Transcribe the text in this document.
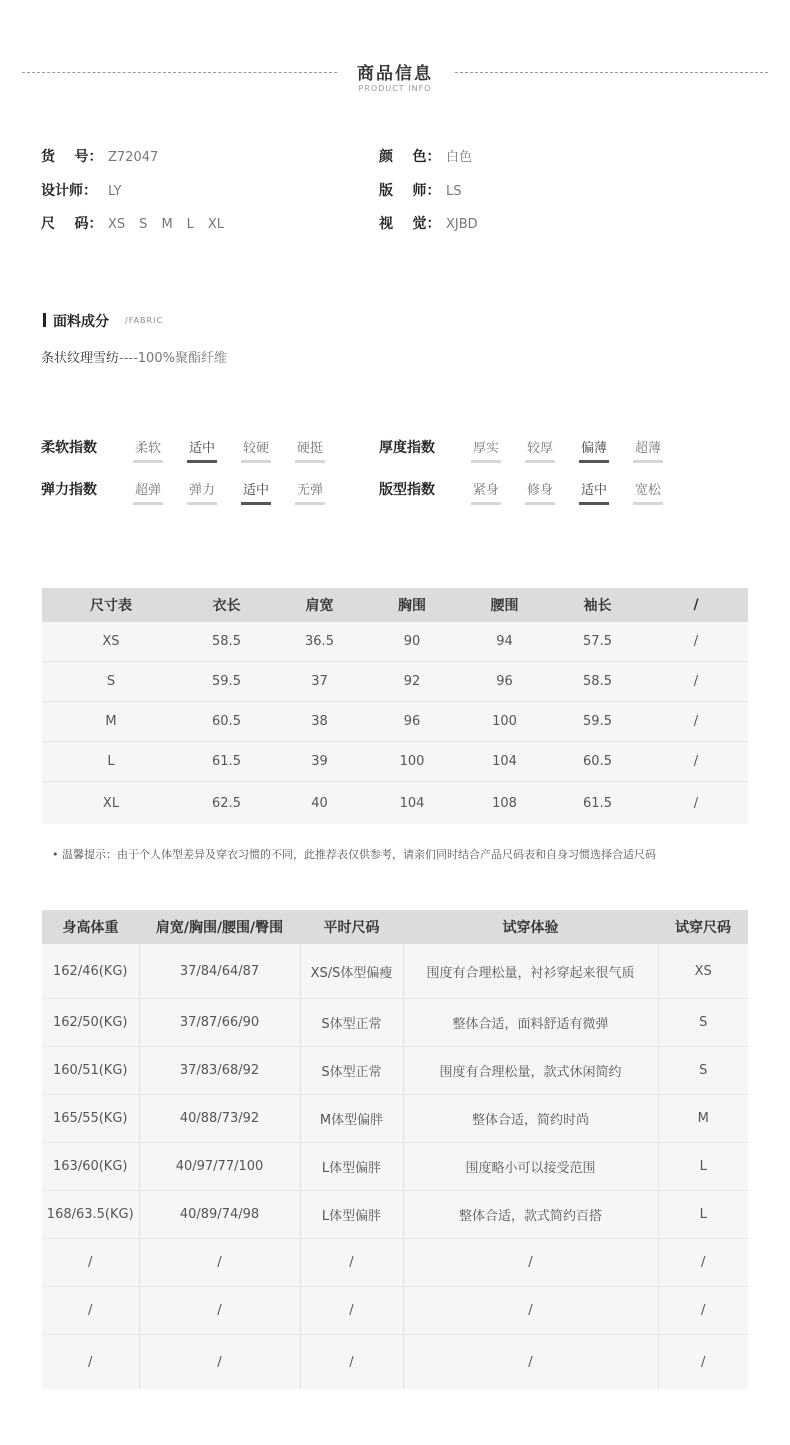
商品信息
PRODUCT INFO
货    号： Z72047	颜    色： 白色
设计师： LY	版    师： LS
尺    码： XS S M L XL	视    觉： XJBD
面料成分 /FABRIC
条状纹理雪纺----100%聚酯纤维
柔软指数	柔软	适中	较硬	硬挺	厚度指数	厚实	较厚	偏薄	超薄
弹力指数	超弹	弹力	适中	无弹	版型指数	紧身	修身	适中	宽松
尺寸表	衣长	肩宽	胸围	腰围	袖长	/
XS	58.5	36.5	90	94	57.5	/
S	59.5	37	92	96	58.5	/
M	60.5	38	96	100	59.5	/
L	61.5	39	100	104	60.5	/
XL	62.5	40	104	108	61.5	/
• 温馨提示：由于个人体型差异及穿衣习惯的不同，此推荐表仅供参考，请亲们同时结合产品尺码表和自身习惯选择合适尺码
身高体重	肩宽/胸围/腰围/臀围	平时尺码	试穿体验	试穿尺码
162/46(KG)	37/84/64/87	XS/S体型偏瘦	围度有合理松量，衬衫穿起来很气质	XS
162/50(KG)	37/87/66/90	S体型正常	整体合适，面料舒适有微弹	S
160/51(KG)	37/83/68/92	S体型正常	围度有合理松量，款式休闲简约	S
165/55(KG)	40/88/73/92	M体型偏胖	整体合适，简约时尚	M
163/60(KG)	40/97/77/100	L体型偏胖	围度略小可以接受范围	L
168/63.5(KG)	40/89/74/98	L体型偏胖	整体合适，款式简约百搭	L
/	/	/	/	/
/	/	/	/	/
/	/	/	/	/
